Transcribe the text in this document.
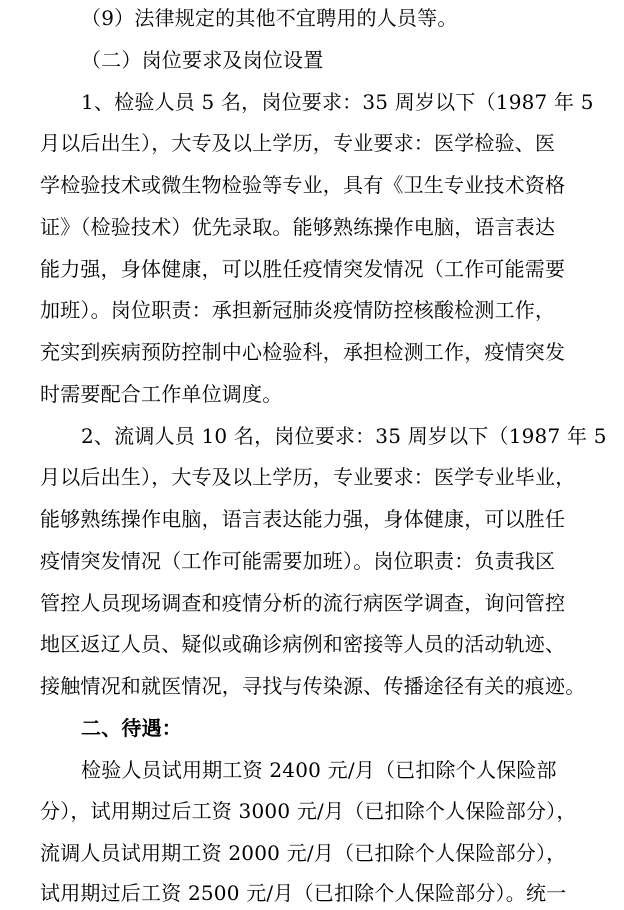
（9）法律规定的其他不宜聘用的人员等。
（二）岗位要求及岗位设置
1、检验人员 5 名，岗位要求：35 周岁以下（1987 年 5
月以后出生），大专及以上学历，专业要求：医学检验、医
学检验技术或微生物检验等专业，具有《卫生专业技术资格
证》（检验技术）优先录取。能够熟练操作电脑，语言表达
能力强，身体健康，可以胜任疫情突发情况（工作可能需要
加班）。岗位职责：承担新冠肺炎疫情防控核酸检测工作，
充实到疾病预防控制中心检验科，承担检测工作，疫情突发
时需要配合工作单位调度。
2、流调人员 10 名，岗位要求：35 周岁以下（1987 年 5
月以后出生），大专及以上学历，专业要求：医学专业毕业，
能够熟练操作电脑，语言表达能力强，身体健康，可以胜任
疫情突发情况（工作可能需要加班）。岗位职责：负责我区
管控人员现场调查和疫情分析的流行病医学调查，询问管控
地区返辽人员、疑似或确诊病例和密接等人员的活动轨迹、
接触情况和就医情况，寻找与传染源、传播途径有关的痕迹。
二、待遇：
检验人员试用期工资 2400 元/月（已扣除个人保险部
分），试用期过后工资 3000 元/月（已扣除个人保险部分），
流调人员试用期工资 2000 元/月（已扣除个人保险部分），
试用期过后工资 2500 元/月（已扣除个人保险部分）。统一
